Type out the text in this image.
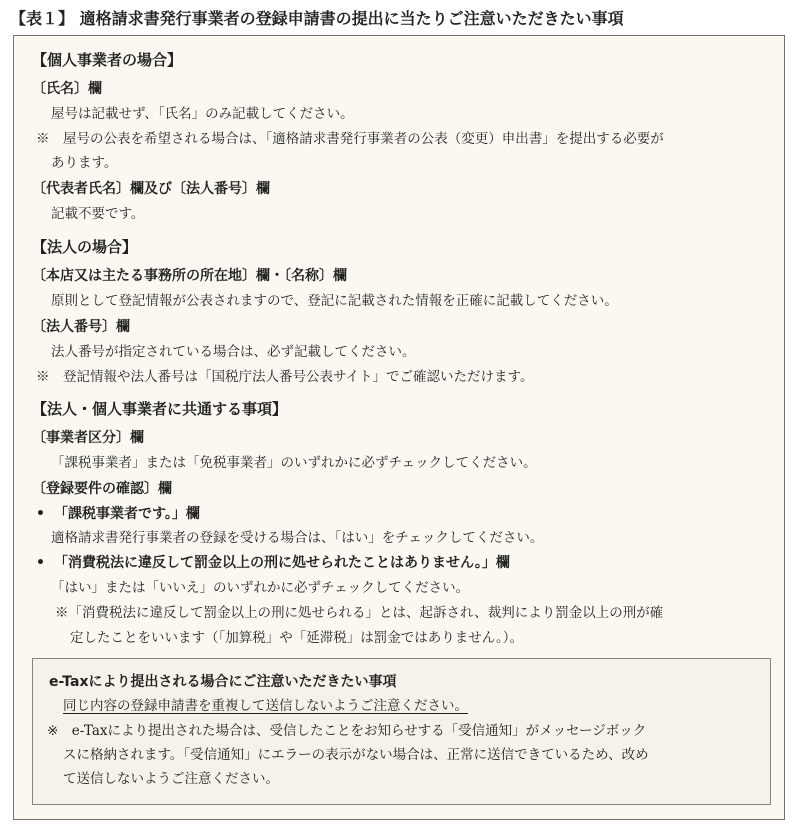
【表１】 適格請求書発行事業者の登録申請書の提出に当たりご注意いただきたい事項
【個人事業者の場合】
〔氏名〕欄
屋号は記載せず、「氏名」のみ記載してください。
※　屋号の公表を希望される場合は、「適格請求書発行事業者の公表（変更）申出書」を提出する必要が
あります。
〔代表者氏名〕欄及び〔法人番号〕欄
記載不要です。
【法人の場合】
〔本店又は主たる事務所の所在地〕欄・〔名称〕欄
原則として登記情報が公表されますので、登記に記載された情報を正確に記載してください。
〔法人番号〕欄
法人番号が指定されている場合は、必ず記載してください。
※　登記情報や法人番号は「国税庁法人番号公表サイト」でご確認いただけます。
【法人・個人事業者に共通する事項】
〔事業者区分〕欄
「課税事業者」または「免税事業者」のいずれかに必ずチェックしてください。
〔登録要件の確認〕欄
• 「課税事業者です。」欄
適格請求書発行事業者の登録を受ける場合は、「はい」をチェックしてください。
• 「消費税法に違反して罰金以上の刑に処せられたことはありません。」欄
「はい」または「いいえ」のいずれかに必ずチェックしてください。
※「消費税法に違反して罰金以上の刑に処せられる」とは、起訴され、裁判により罰金以上の刑が確
定したことをいいます（「加算税」や「延滞税」は罰金ではありません。）。
e-Taxにより提出される場合にご注意いただきたい事項
同じ内容の登録申請書を重複して送信しないようご注意ください。
※　e-Taxにより提出された場合は、受信したことをお知らせする「受信通知」がメッセージボック
スに格納されます。「受信通知」にエラーの表示がない場合は、正常に送信できているため、改め
て送信しないようご注意ください。
